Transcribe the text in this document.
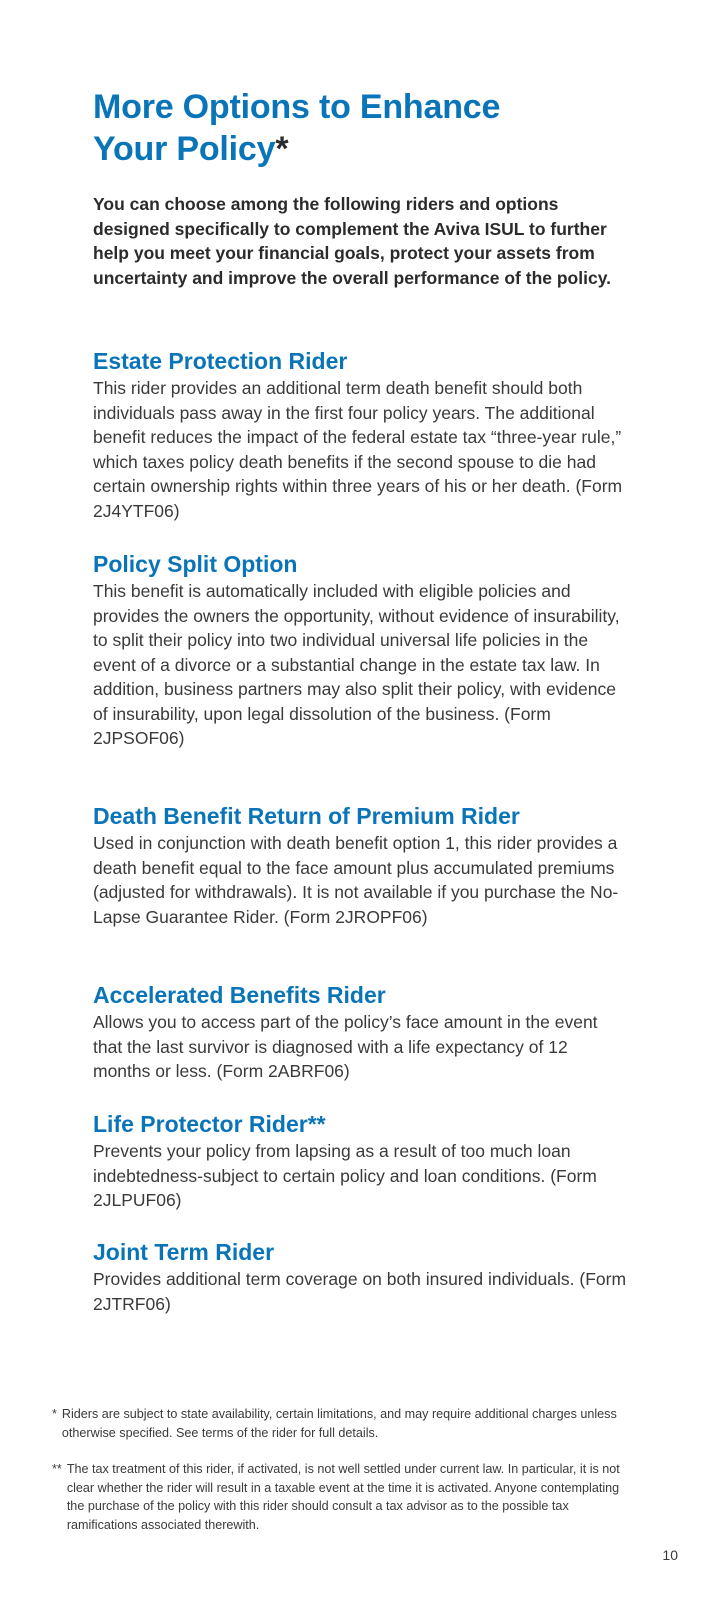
More Options to Enhance
Your Policy*

You can choose among the following riders and options designed specifically to complement the Aviva ISUL to further help you meet your financial goals, protect your assets from uncertainty and improve the overall performance of the policy.

Estate Protection Rider

This rider provides an additional term death benefit should both individuals pass away in the first four policy years. The additional benefit reduces the impact of the federal estate tax “three-year rule,” which taxes policy death benefits if the second spouse to die had certain ownership rights within three years of his or her death. (Form 2J4YTF06)

Policy Split Option

This benefit is automatically included with eligible policies and provides the owners the opportunity, without evidence of insurability, to split their policy into two individual universal life policies in the event of a divorce or a substantial change in the estate tax law. In addition, business partners may also split their policy, with evidence of insurability, upon legal dissolution of the business. (Form 2JPSOF06)

Death Benefit Return of Premium Rider

Used in conjunction with death benefit option 1, this rider provides a death benefit equal to the face amount plus accumulated premiums (adjusted for withdrawals). It is not available if you purchase the No-Lapse Guarantee Rider. (Form 2JROPF06)

Accelerated Benefits Rider

Allows you to access part of the policy’s face amount in the event that the last survivor is diagnosed with a life expectancy of 12 months or less. (Form 2ABRF06)

Life Protector Rider**

Prevents your policy from lapsing as a result of too much loan indebtedness-subject to certain policy and loan conditions. (Form 2JLPUF06)

Joint Term Rider

Provides additional term coverage on both insured individuals. (Form 2JTRF06)

* Riders are subject to state availability, certain limitations, and may require additional charges unless otherwise specified. See terms of the rider for full details.
** The tax treatment of this rider, if activated, is not well settled under current law. In particular, it is not clear whether the rider will result in a taxable event at the time it is activated. Anyone contemplating the purchase of the policy with this rider should consult a tax advisor as to the possible tax ramifications associated therewith.
10
